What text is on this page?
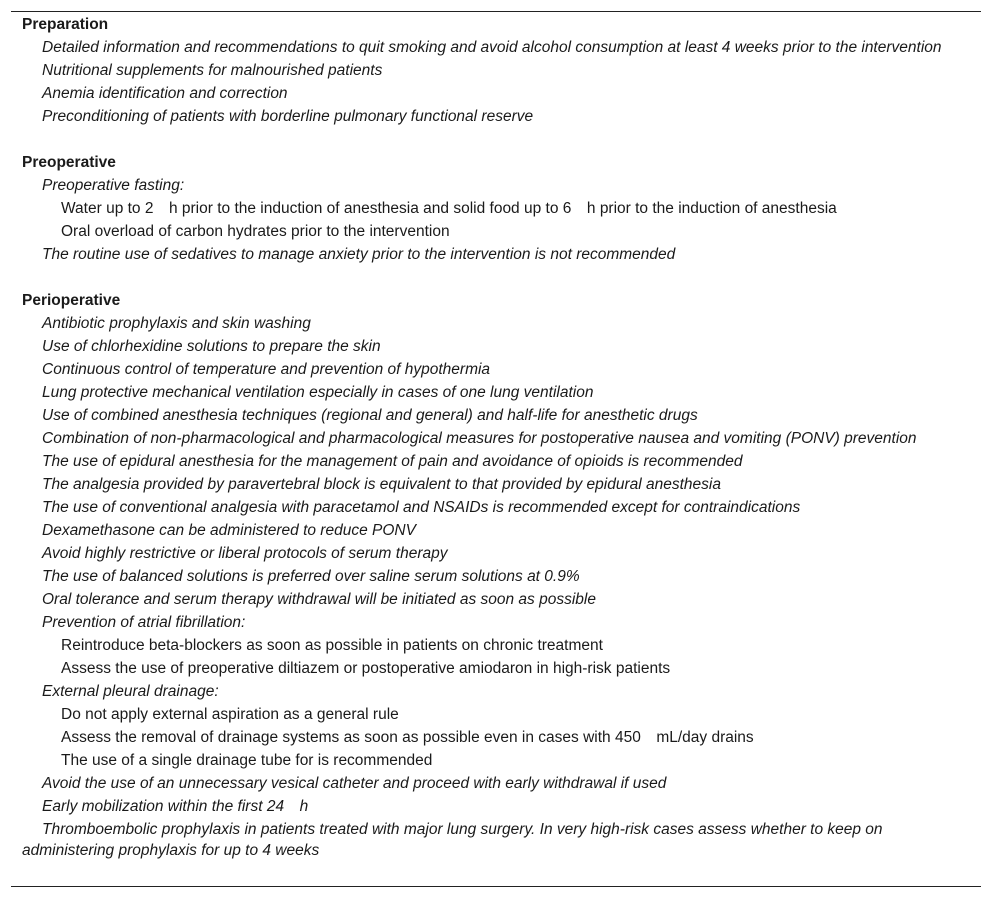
Preparation
Detailed information and recommendations to quit smoking and avoid alcohol consumption at least 4 weeks prior to the intervention
Nutritional supplements for malnourished patients
Anemia identification and correction
Preconditioning of patients with borderline pulmonary functional reserve
Preoperative
Preoperative fasting:
Water up to 2 h prior to the induction of anesthesia and solid food up to 6 h prior to the induction of anesthesia
Oral overload of carbon hydrates prior to the intervention
The routine use of sedatives to manage anxiety prior to the intervention is not recommended
Perioperative
Antibiotic prophylaxis and skin washing
Use of chlorhexidine solutions to prepare the skin
Continuous control of temperature and prevention of hypothermia
Lung protective mechanical ventilation especially in cases of one lung ventilation
Use of combined anesthesia techniques (regional and general) and half-life for anesthetic drugs
Combination of non-pharmacological and pharmacological measures for postoperative nausea and vomiting (PONV) prevention
The use of epidural anesthesia for the management of pain and avoidance of opioids is recommended
The analgesia provided by paravertebral block is equivalent to that provided by epidural anesthesia
The use of conventional analgesia with paracetamol and NSAIDs is recommended except for contraindications
Dexamethasone can be administered to reduce PONV
Avoid highly restrictive or liberal protocols of serum therapy
The use of balanced solutions is preferred over saline serum solutions at 0.9%
Oral tolerance and serum therapy withdrawal will be initiated as soon as possible
Prevention of atrial fibrillation:
Reintroduce beta-blockers as soon as possible in patients on chronic treatment
Assess the use of preoperative diltiazem or postoperative amiodaron in high-risk patients
External pleural drainage:
Do not apply external aspiration as a general rule
Assess the removal of drainage systems as soon as possible even in cases with 450 mL/day drains
The use of a single drainage tube for is recommended
Avoid the use of an unnecessary vesical catheter and proceed with early withdrawal if used
Early mobilization within the first 24 h
Thromboembolic prophylaxis in patients treated with major lung surgery. In very high-risk cases assess whether to keep on administering prophylaxis for up to 4 weeks
